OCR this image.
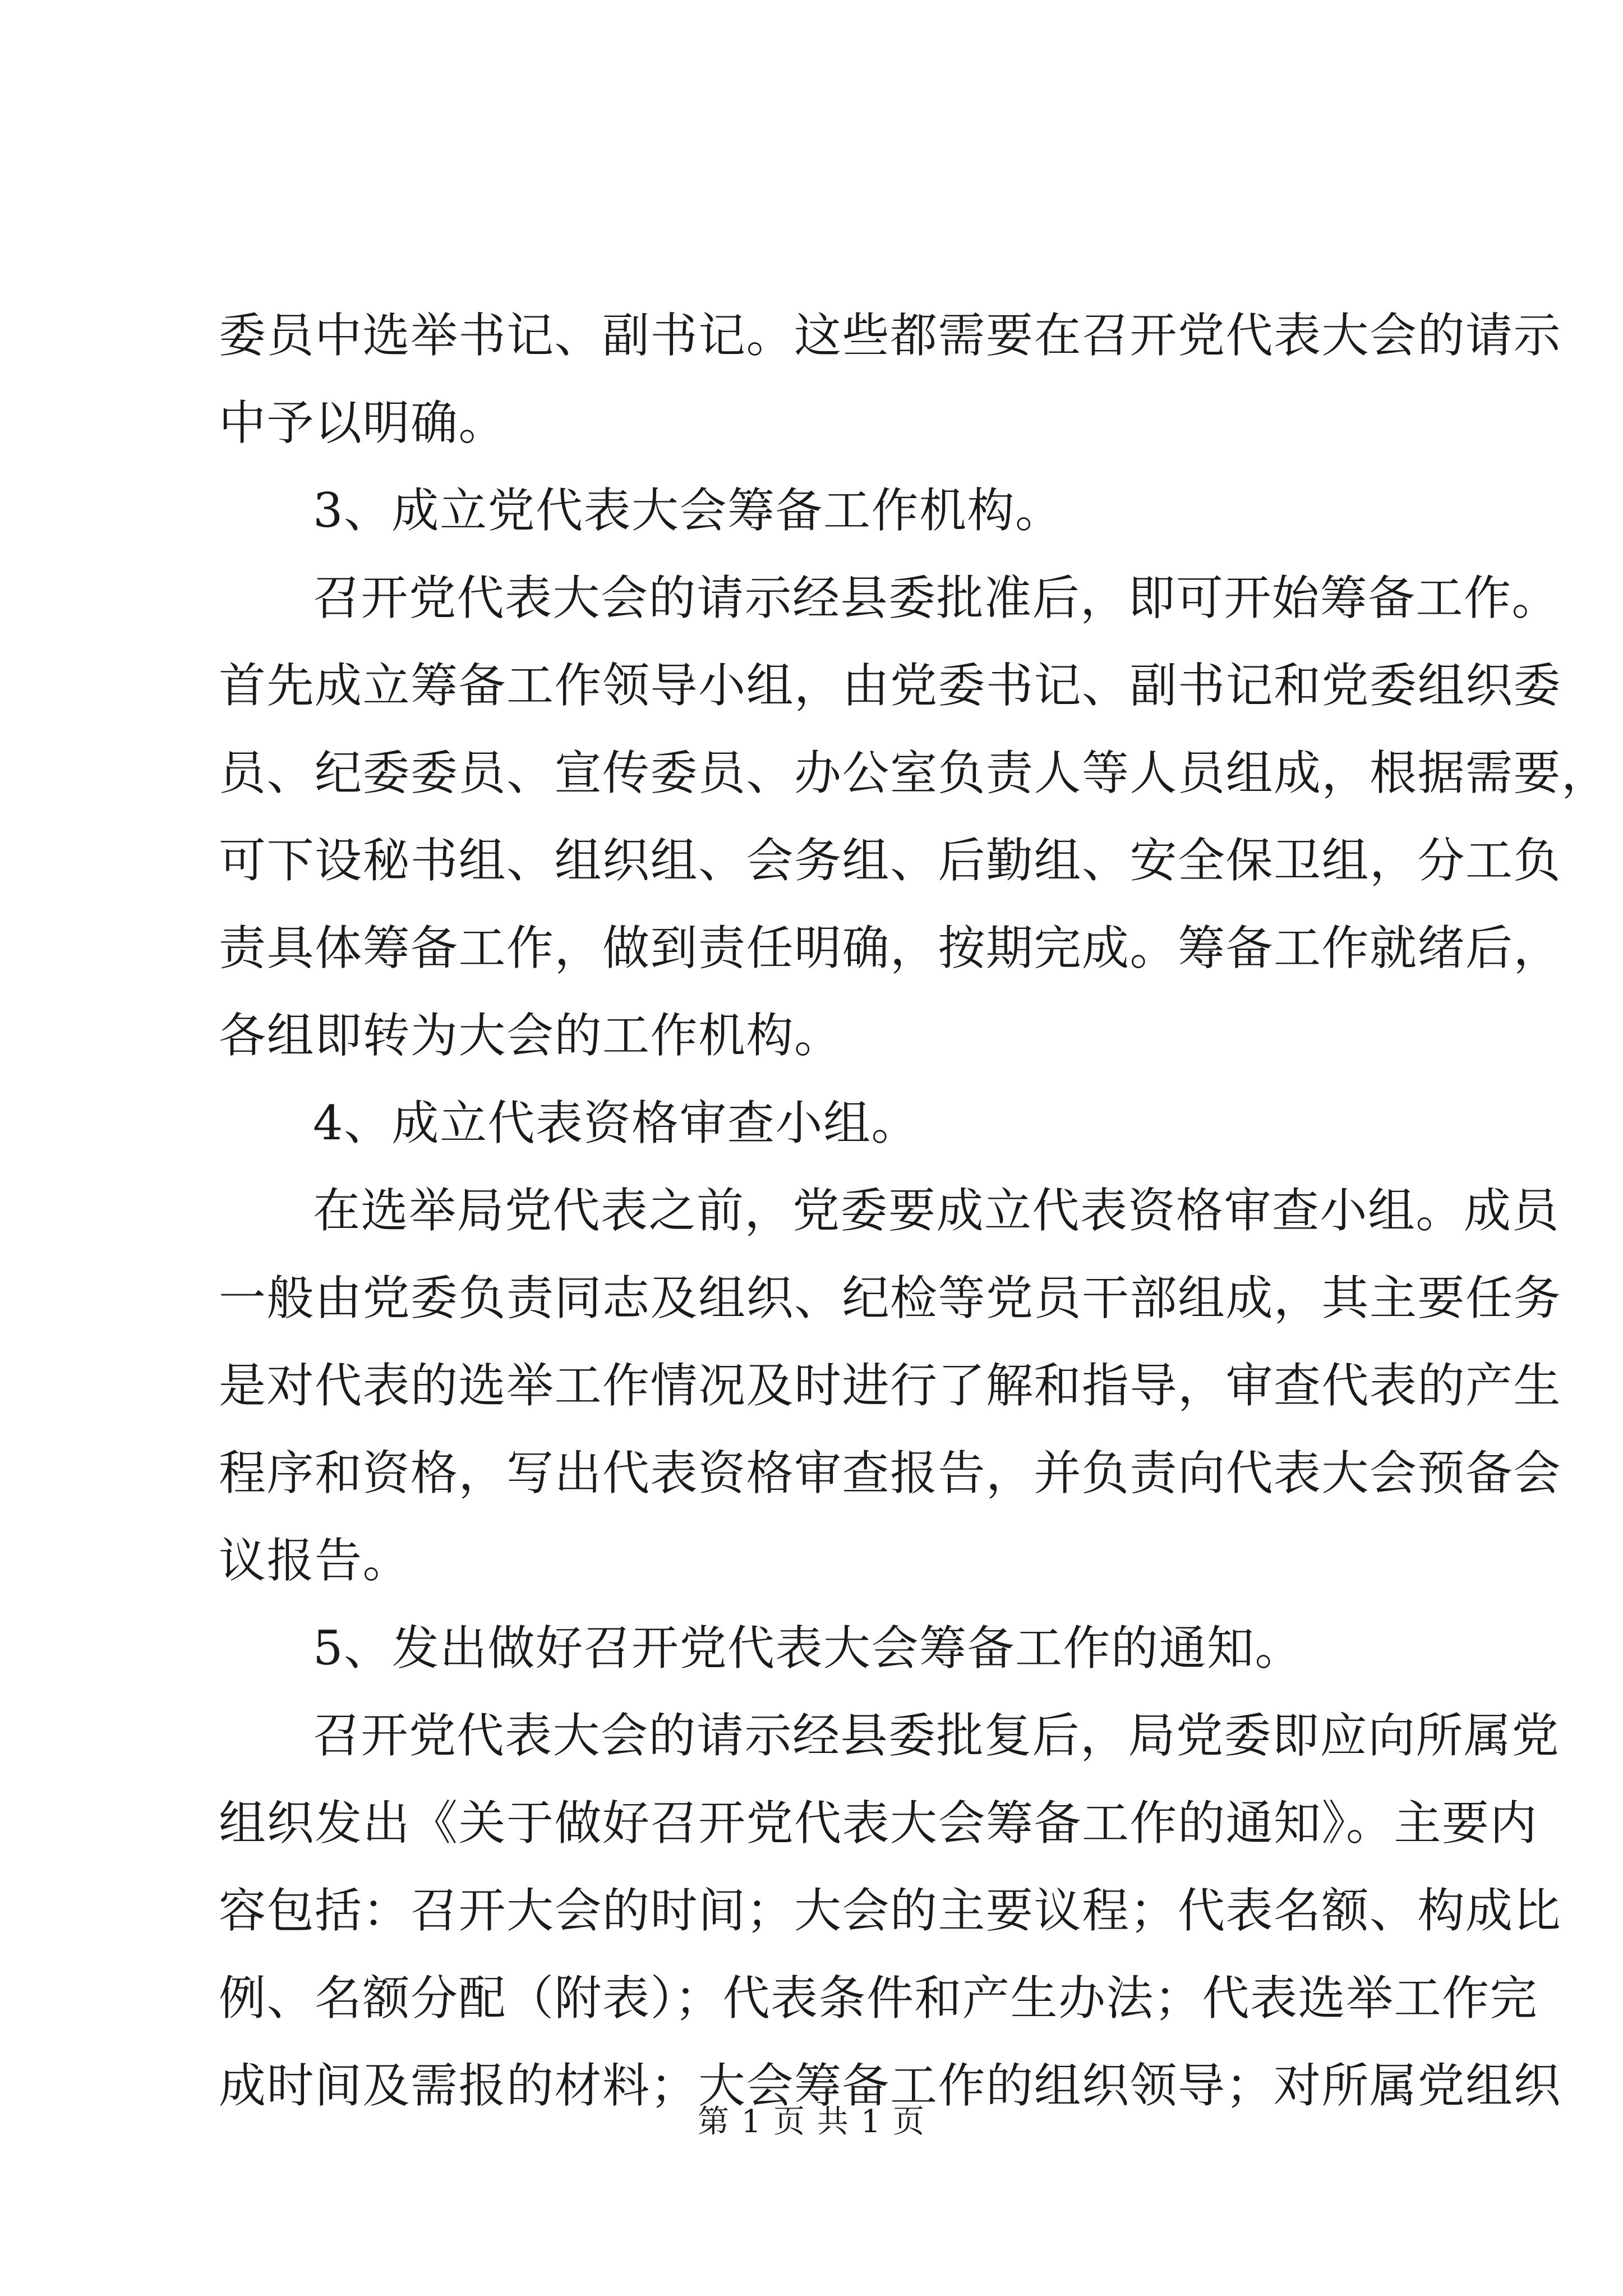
委员中选举书记、副书记。这些都需要在召开党代表大会的请示
中予以明确。
3、成立党代表大会筹备工作机构。
召开党代表大会的请示经县委批准后，即可开始筹备工作。
首先成立筹备工作领导小组，由党委书记、副书记和党委组织委
员、纪委委员、宣传委员、办公室负责人等人员组成，根据需要，
可下设秘书组、组织组、会务组、后勤组、安全保卫组，分工负
责具体筹备工作，做到责任明确，按期完成。筹备工作就绪后，
各组即转为大会的工作机构。
4、成立代表资格审查小组。
在选举局党代表之前，党委要成立代表资格审查小组。成员
一般由党委负责同志及组织、纪检等党员干部组成，其主要任务
是对代表的选举工作情况及时进行了解和指导，审查代表的产生
程序和资格，写出代表资格审查报告，并负责向代表大会预备会
议报告。
5、发出做好召开党代表大会筹备工作的通知。
召开党代表大会的请示经县委批复后，局党委即应向所属党
组织发出《关于做好召开党代表大会筹备工作的通知》。主要内
容包括：召开大会的时间；大会的主要议程；代表名额、构成比
例、名额分配（附表）；代表条件和产生办法；代表选举工作完
成时间及需报的材料；大会筹备工作的组织领导；对所属党组织
第 1 页 共 1 页
